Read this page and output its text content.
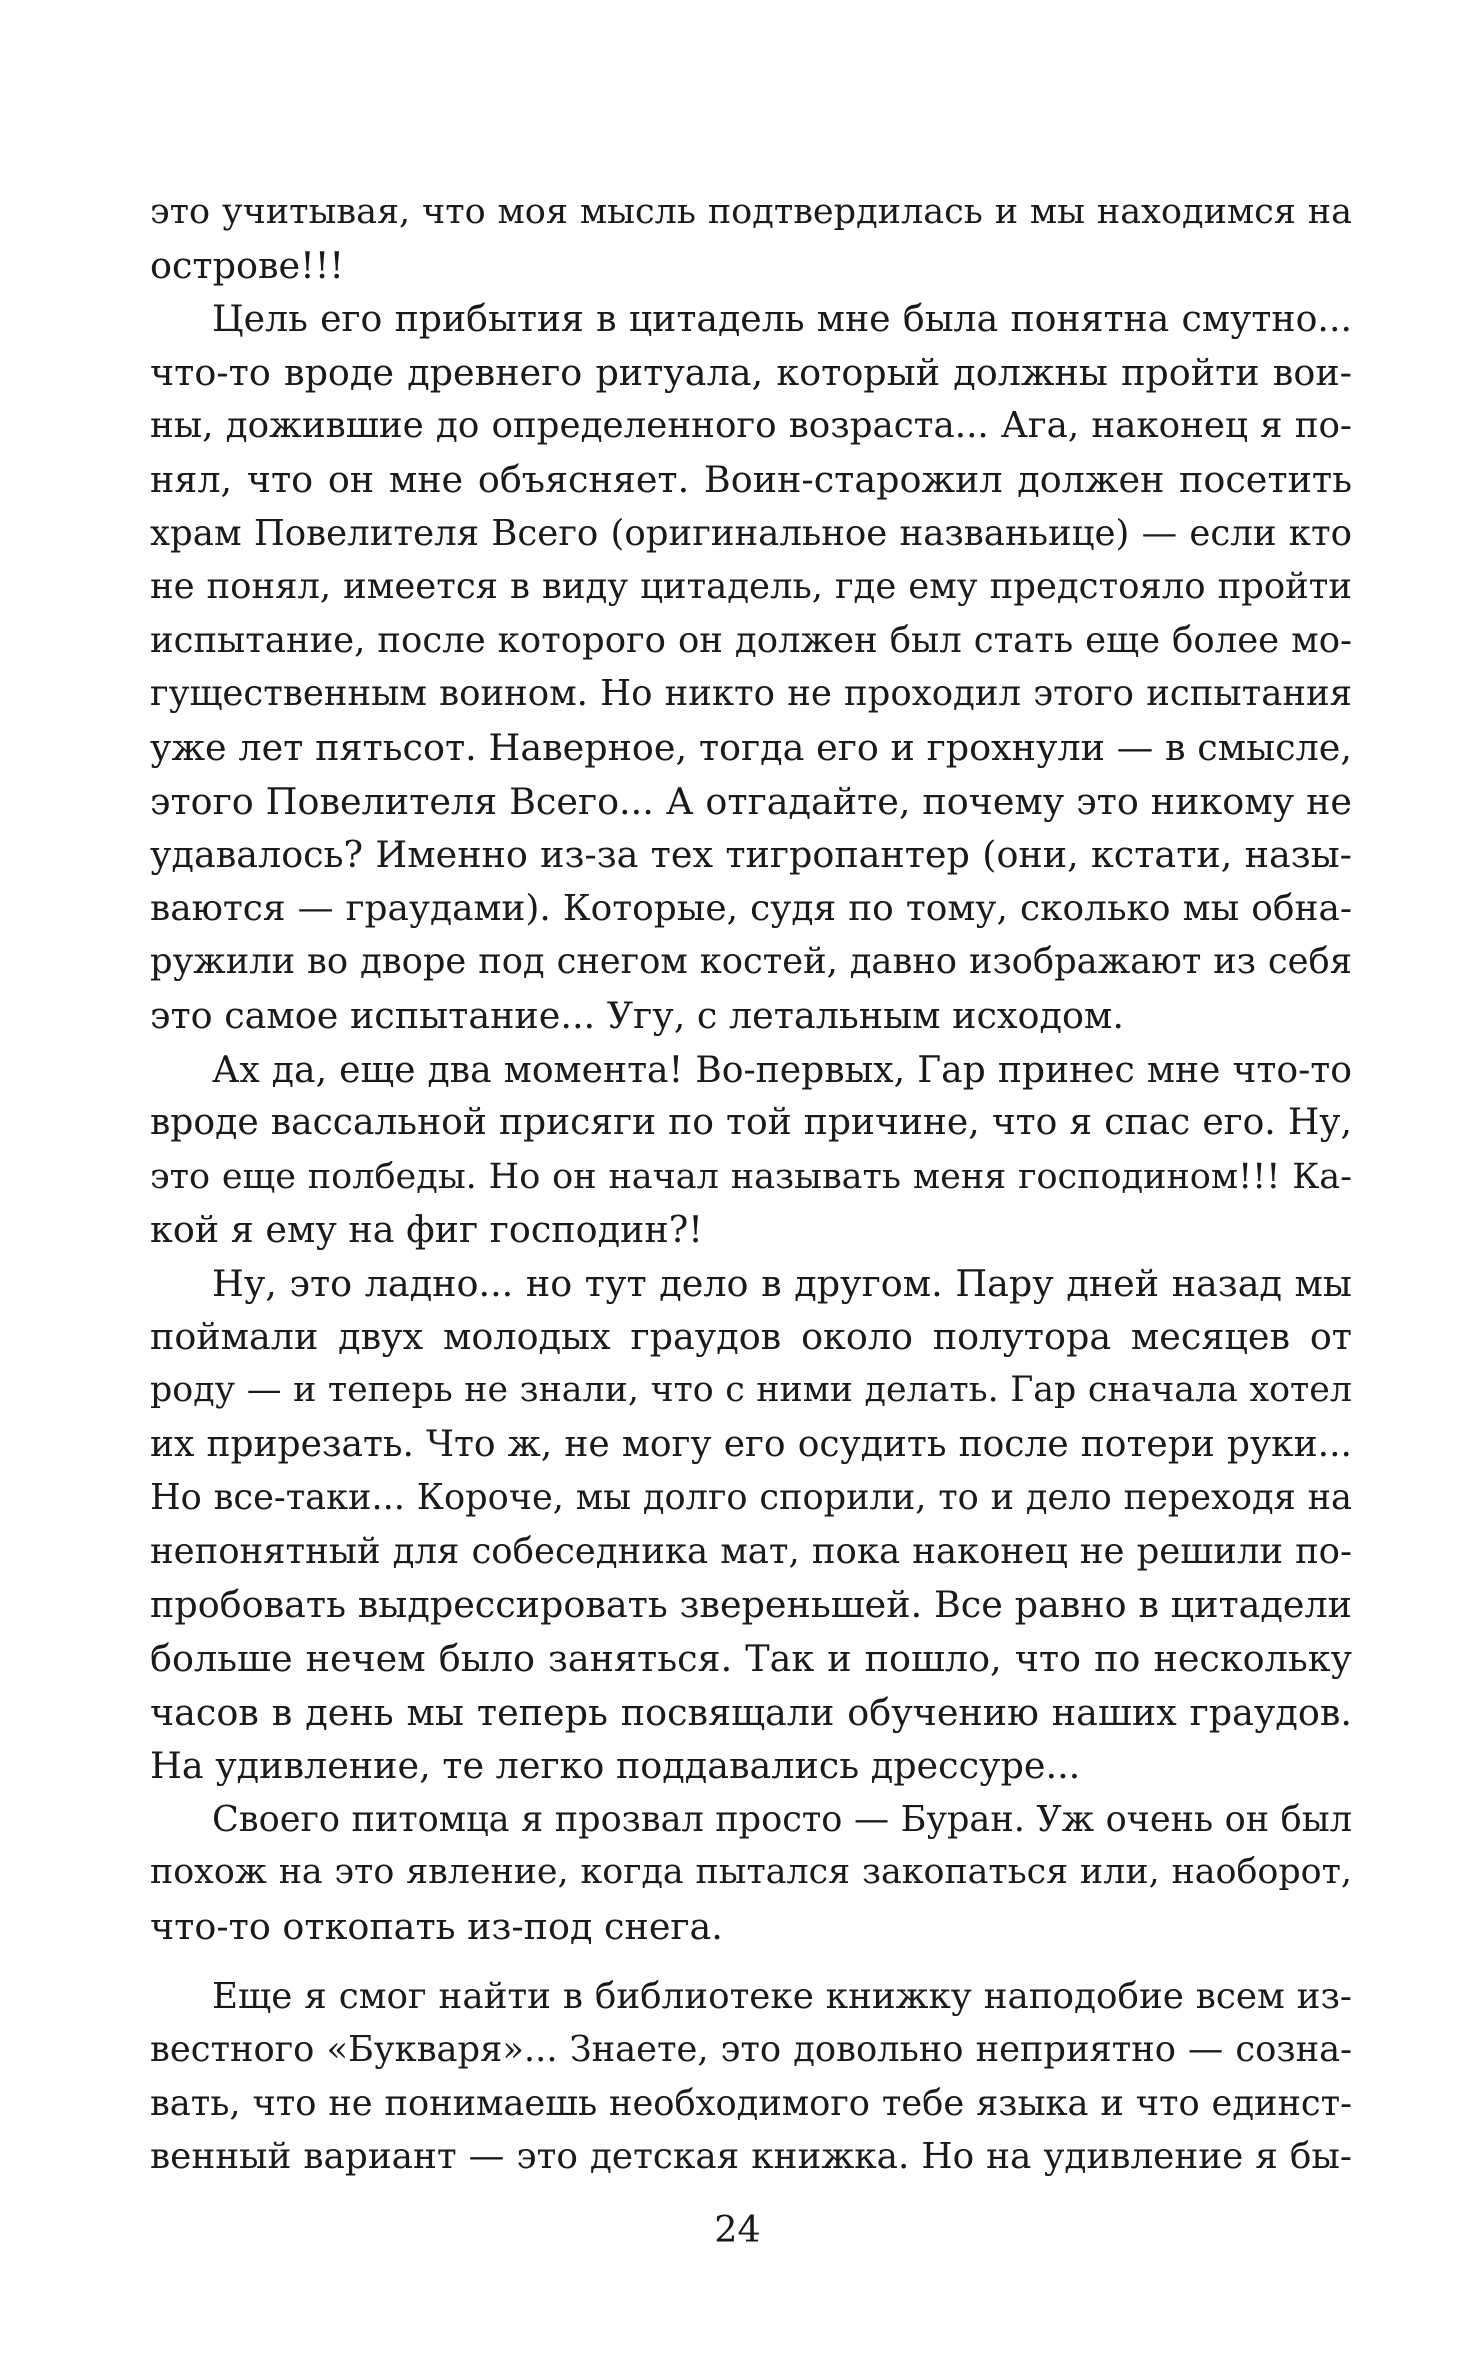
это учитывая, что моя мысль подтвердилась и мы находимся на
острове!!!
Цель его прибытия в цитадель мне была понятна смутно...
что-то вроде древнего ритуала, который должны пройти вои-
ны, дожившие до определенного возраста... Ага, наконец я по-
нял, что он мне объясняет. Воин-старожил должен посетить
храм Повелителя Всего (оригинальное названьице) — если кто
не понял, имеется в виду цитадель, где ему предстояло пройти
испытание, после которого он должен был стать еще более мо-
гущественным воином. Но никто не проходил этого испытания
уже лет пятьсот. Наверное, тогда его и грохнули — в смысле,
этого Повелителя Всего... А отгадайте, почему это никому не
удавалось? Именно из-за тех тигропантер (они, кстати, назы-
ваются — граудами). Которые, судя по тому, сколько мы обна-
ружили во дворе под снегом костей, давно изображают из себя
это самое испытание... Угу, с летальным исходом.
Ах да, еще два момента! Во-первых, Гар принес мне что-то
вроде вассальной присяги по той причине, что я спас его. Ну,
это еще полбеды. Но он начал называть меня господином!!! Ка-
кой я ему на фиг господин?!
Ну, это ладно... но тут дело в другом. Пару дней назад мы
поймали двух молодых граудов около полутора месяцев от
роду — и теперь не знали, что с ними делать. Гар сначала хотел
их прирезать. Что ж, не могу его осудить после потери руки...
Но все-таки... Короче, мы долго спорили, то и дело переходя на
непонятный для собеседника мат, пока наконец не решили по-
пробовать выдрессировать звереньшей. Все равно в цитадели
больше нечем было заняться. Так и пошло, что по нескольку
часов в день мы теперь посвящали обучению наших граудов.
На удивление, те легко поддавались дрессуре...
Своего питомца я прозвал просто — Буран. Уж очень он был
похож на это явление, когда пытался закопаться или, наоборот,
что-то откопать из-под снега.
Еще я смог найти в библиотеке книжку наподобие всем из-
вестного «Букваря»... Знаете, это довольно неприятно — созна-
вать, что не понимаешь необходимого тебе языка и что единст-
венный вариант — это детская книжка. Но на удивление я бы-
24
